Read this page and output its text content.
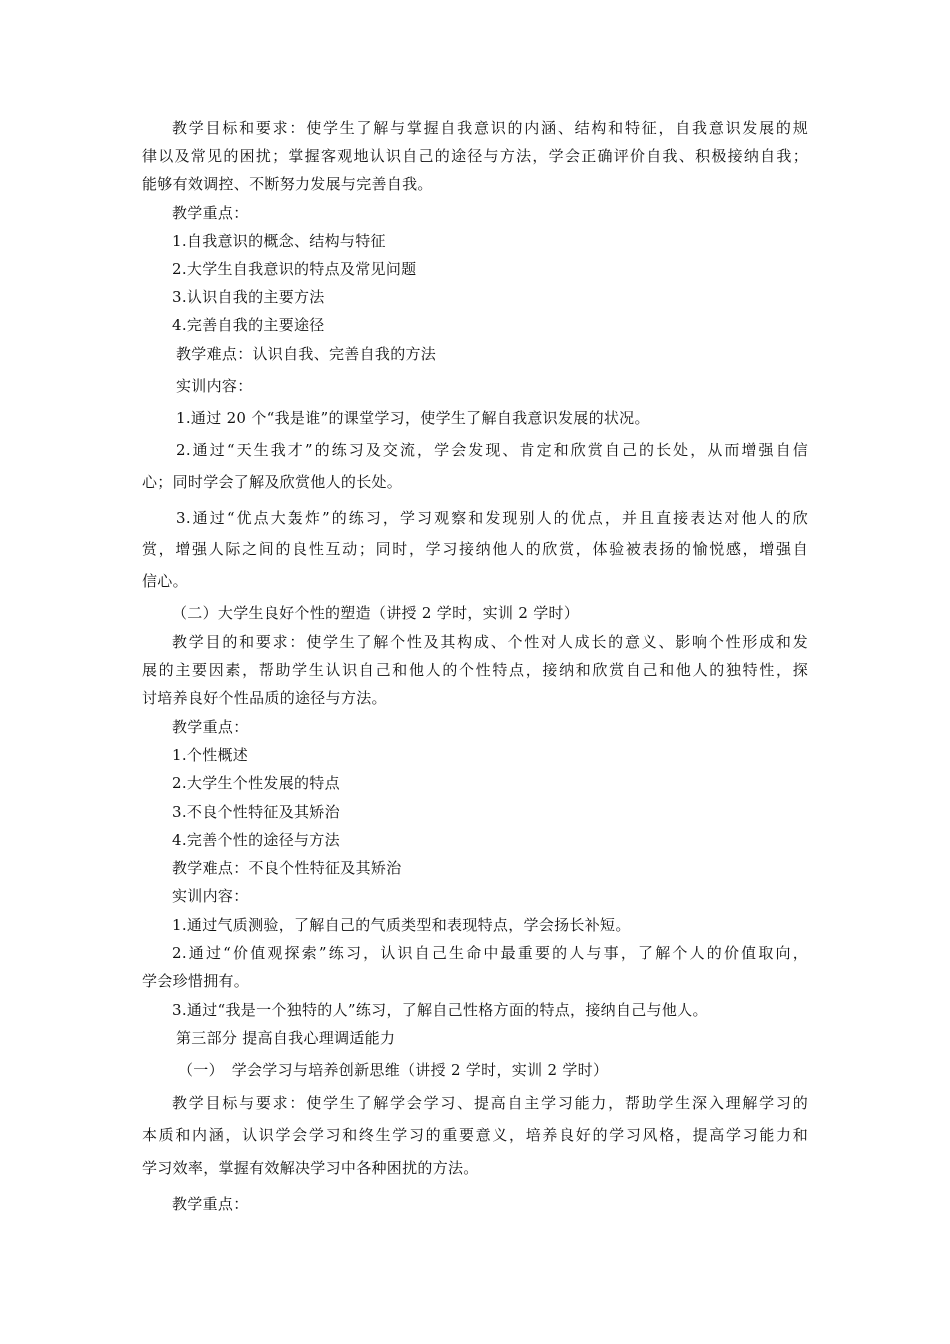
教学目标和要求：使学生了解与掌握自我意识的内涵、结构和特征，自我意识发展的规

律以及常见的困扰；掌握客观地认识自己的途径与方法，学会正确评价自我、积极接纳自我；

能够有效调控、不断努力发展与完善自我。

教学重点：

1.自我意识的概念、结构与特征

2.大学生自我意识的特点及常见问题

3.认识自我的主要方法

4.完善自我的主要途径

教学难点：认识自我、完善自我的方法

实训内容：

1.通过 20 个“我是谁”的课堂学习，使学生了解自我意识发展的状况。

2.通过“天生我才”的练习及交流，学会发现、肯定和欣赏自己的长处，从而增强自信

心；同时学会了解及欣赏他人的长处。

3.通过“优点大轰炸”的练习，学习观察和发现别人的优点，并且直接表达对他人的欣

赏，增强人际之间的良性互动；同时，学习接纳他人的欣赏，体验被表扬的愉悦感，增强自

信心。

（二）大学生良好个性的塑造（讲授 2 学时，实训 2 学时）

教学目的和要求：使学生了解个性及其构成、个性对人成长的意义、影响个性形成和发

展的主要因素，帮助学生认识自己和他人的个性特点，接纳和欣赏自己和他人的独特性，探

讨培养良好个性品质的途径与方法。

教学重点：

1.个性概述

2.大学生个性发展的特点

3.不良个性特征及其矫治

4.完善个性的途径与方法

教学难点：不良个性特征及其矫治

实训内容：

1.通过气质测验，了解自己的气质类型和表现特点，学会扬长补短。

2.通过“价值观探索”练习，认识自己生命中最重要的人与事，了解个人的价值取向，

学会珍惜拥有。

3.通过“我是一个独特的人”练习，了解自己性格方面的特点，接纳自己与他人。

第三部分 提高自我心理调适能力

（一）　学会学习与培养创新思维（讲授 2 学时，实训 2 学时）

教学目标与要求：使学生了解学会学习、提高自主学习能力，帮助学生深入理解学习的

本质和内涵，认识学会学习和终生学习的重要意义，培养良好的学习风格，提高学习能力和

学习效率，掌握有效解决学习中各种困扰的方法。

教学重点：
